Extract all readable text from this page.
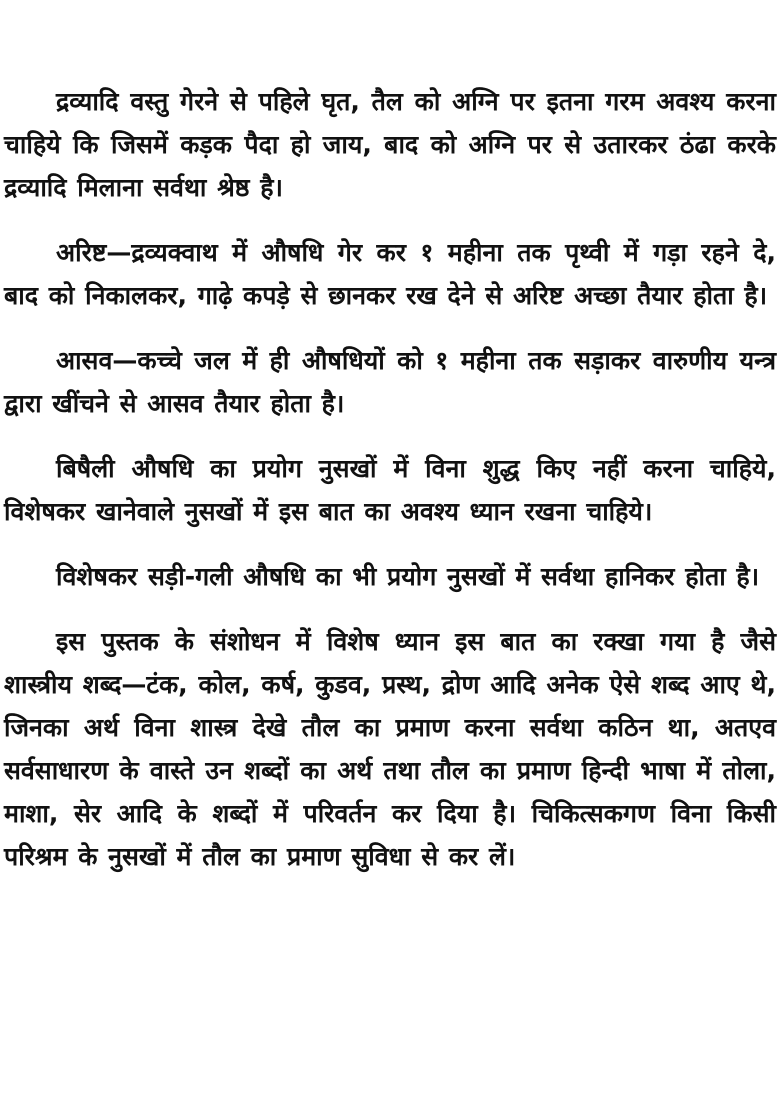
द्रव्यादि वस्तु गेरने से पहिले घृत, तैल को अग्नि पर इतना गरम अवश्य करना चाहिये कि जिसमें कड़क पैदा हो जाय, बाद को अग्नि पर से उतारकर ठंढा करके द्रव्यादि मिलाना सर्वथा श्रेष्ठ है।

अरिष्ट—द्रव्यक्वाथ में औषधि गेर कर १ महीना तक पृथ्वी में गड़ा रहने दे, बाद को निकालकर, गाढ़े कपड़े से छानकर रख देने से अरिष्ट अच्छा तैयार होता है।

आसव—कच्चे जल में ही औषधियों को १ महीना तक सड़ाकर वारुणीय यन्त्र द्वारा खींचने से आसव तैयार होता है।

बिषैली औषधि का प्रयोग नुसखों में विना शुद्ध किए नहीं करना चाहिये, विशेषकर खानेवाले नुसखों में इस बात का अवश्य ध्यान रखना चाहिये।

विशेषकर सड़ी-गली औषधि का भी प्रयोग नुसखों में सर्वथा हानिकर होता है।

इस पुस्तक के संशोधन में विशेष ध्यान इस बात का रक्खा गया है जैसे शास्त्रीय शब्द—टंक, कोल, कर्ष, कुडव, प्रस्थ, द्रोण आदि अनेक ऐसे शब्द आए थे, जिनका अर्थ विना शास्त्र देखे तौल का प्रमाण करना सर्वथा कठिन था, अतएव सर्वसाधारण के वास्ते उन शब्दों का अर्थ तथा तौल का प्रमाण हिन्दी भाषा में तोला, माशा, सेर आदि के शब्दों में परिवर्तन कर दिया है। चिकित्सकगण विना किसी परिश्रम के नुसखों में तौल का प्रमाण सुविधा से कर लें।
